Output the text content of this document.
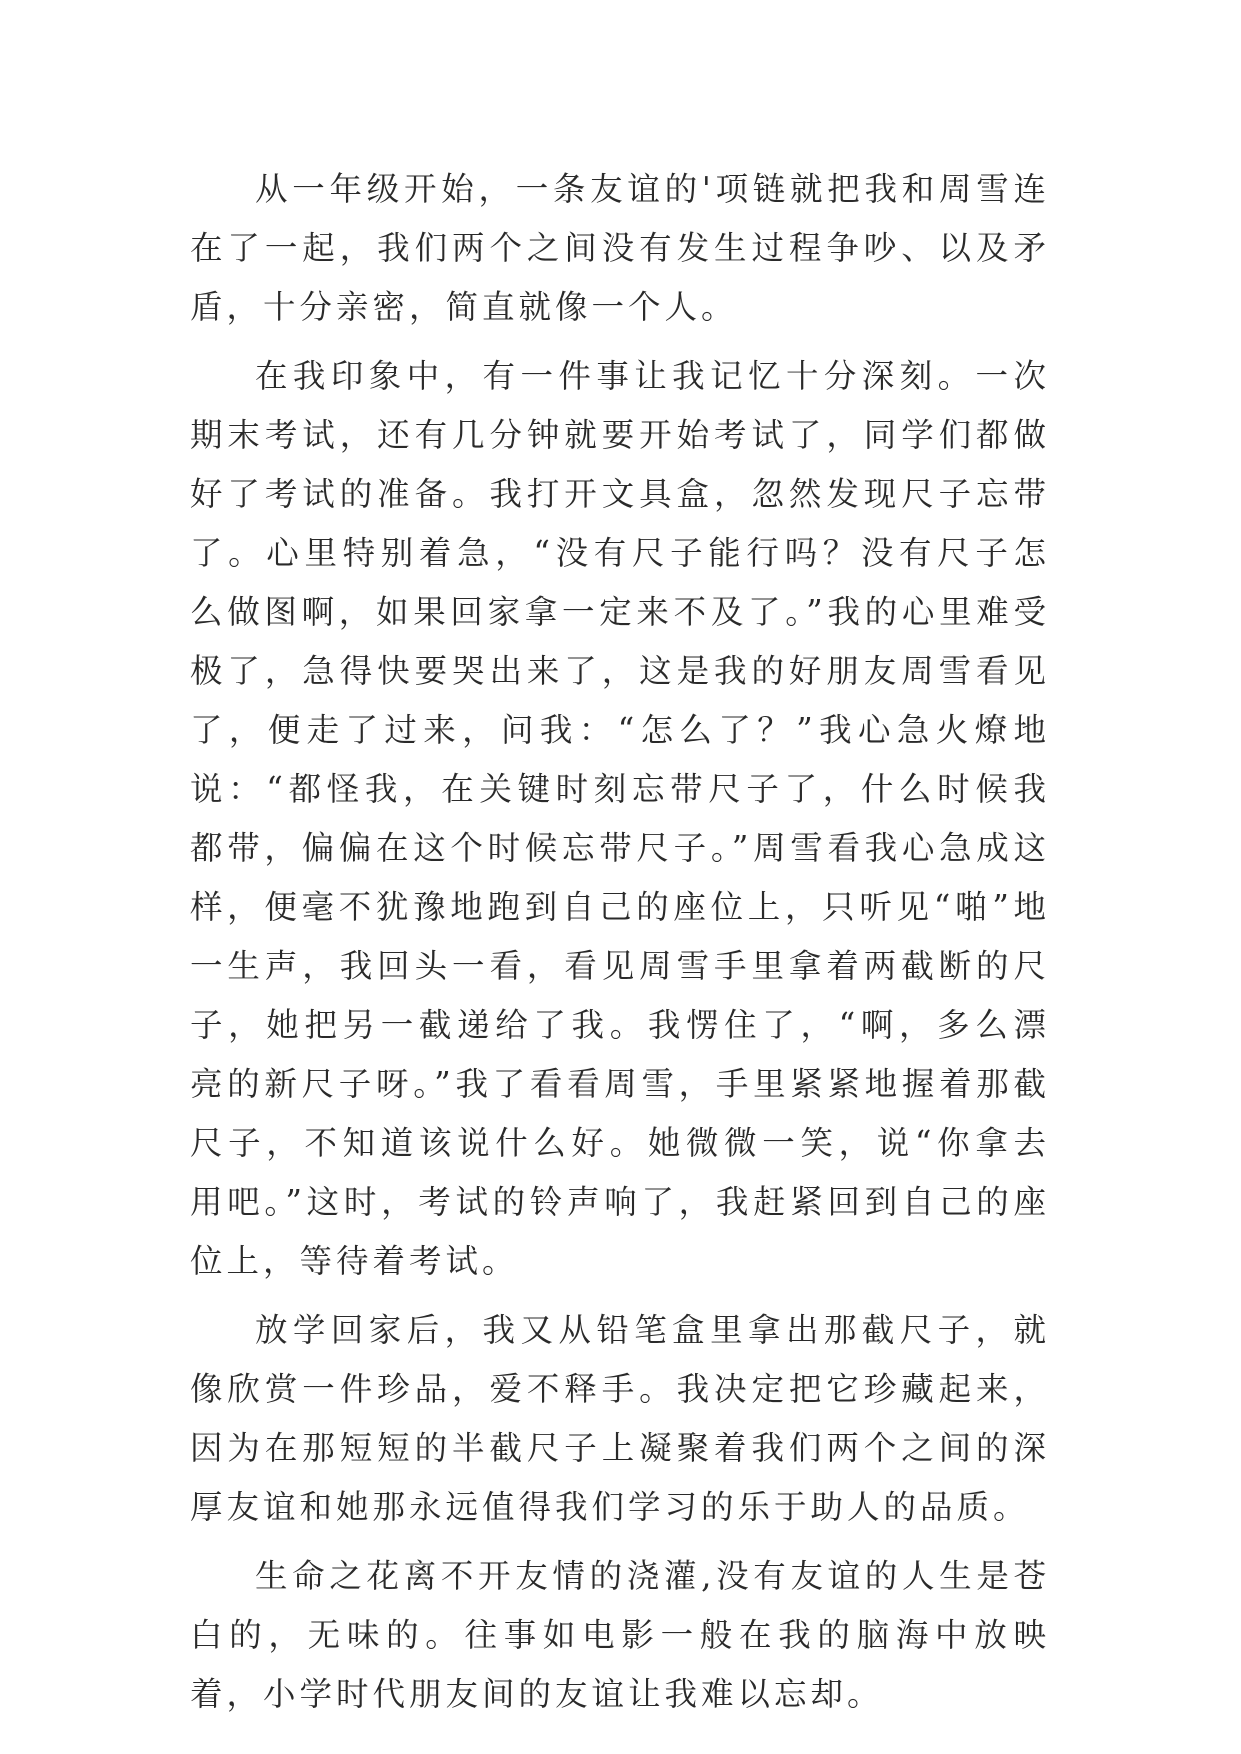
从一年级开始，一条友谊的'项链就把我和周雪连在了一起，我们两个之间没有发生过程争吵、以及矛盾，十分亲密，简直就像一个人。

在我印象中，有一件事让我记忆十分深刻。一次期末考试，还有几分钟就要开始考试了，同学们都做好了考试的准备。我打开文具盒，忽然发现尺子忘带了。心里特别着急，“没有尺子能行吗？没有尺子怎么做图啊，如果回家拿一定来不及了。”我的心里难受极了，急得快要哭出来了，这是我的好朋友周雪看见了，便走了过来，问我：“怎么了？”我心急火燎地说：“都怪我，在关键时刻忘带尺子了，什么时候我都带，偏偏在这个时候忘带尺子。”周雪看我心急成这样，便毫不犹豫地跑到自己的座位上，只听见“啪”地一生声，我回头一看，看见周雪手里拿着两截断的尺子，她把另一截递给了我。我愣住了，“啊，多么漂亮的新尺子呀。”我了看看周雪，手里紧紧地握着那截尺子，不知道该说什么好。她微微一笑，说“你拿去用吧。”这时，考试的铃声响了，我赶紧回到自己的座位上，等待着考试。

放学回家后，我又从铅笔盒里拿出那截尺子，就像欣赏一件珍品，爱不释手。我决定把它珍藏起来，因为在那短短的半截尺子上凝聚着我们两个之间的深厚友谊和她那永远值得我们学习的乐于助人的品质。

生命之花离不开友情的浇灌,没有友谊的人生是苍白的，无味的。往事如电影一般在我的脑海中放映着，小学时代朋友间的友谊让我难以忘却。
